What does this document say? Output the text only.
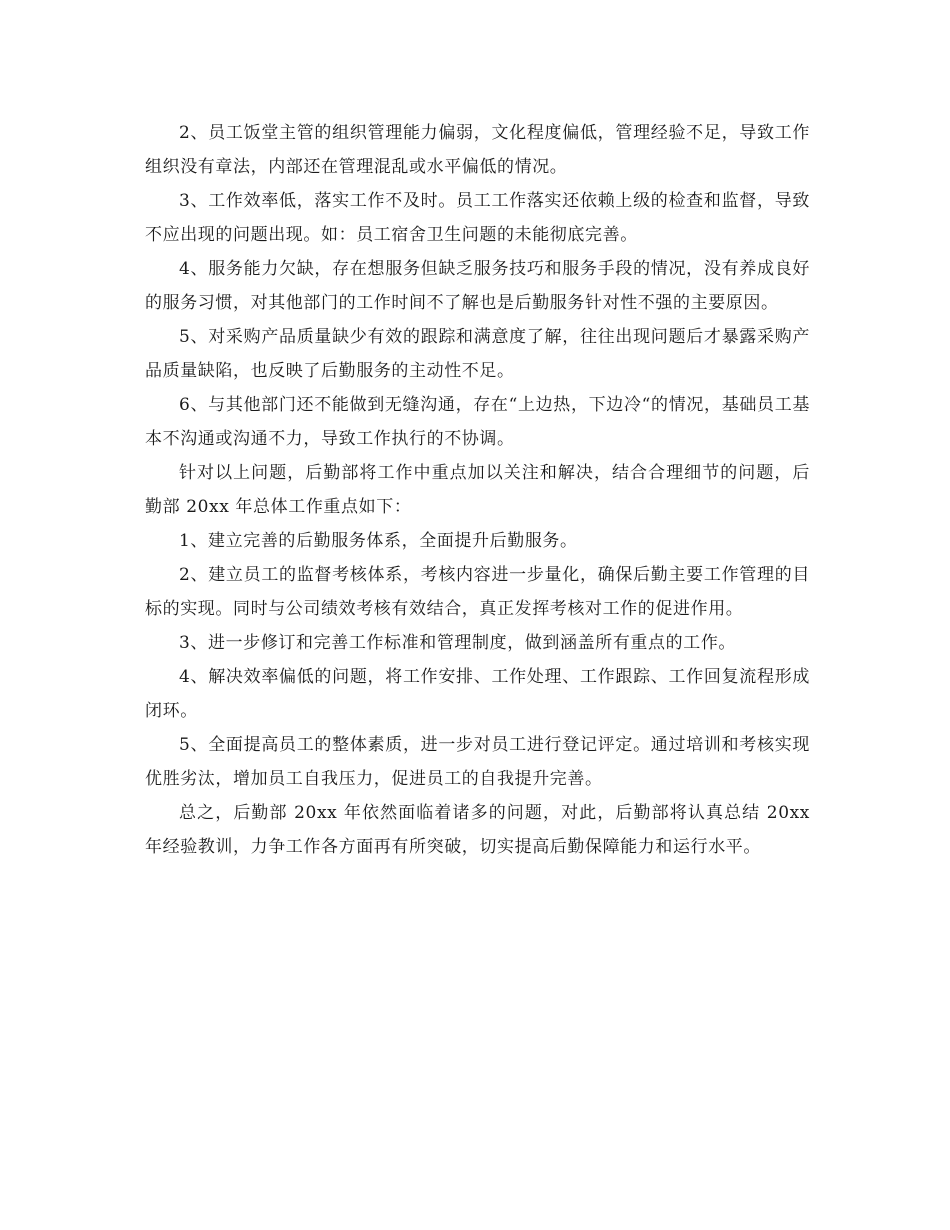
2、员工饭堂主管的组织管理能力偏弱，文化程度偏低，管理经验不足，导致工作组织没有章法，内部还在管理混乱或水平偏低的情况。

3、工作效率低，落实工作不及时。员工工作落实还依赖上级的检查和监督，导致不应出现的问题出现。如：员工宿舍卫生问题的未能彻底完善。

4、服务能力欠缺，存在想服务但缺乏服务技巧和服务手段的情况，没有养成良好的服务习惯，对其他部门的工作时间不了解也是后勤服务针对性不强的主要原因。

5、对采购产品质量缺少有效的跟踪和满意度了解，往往出现问题后才暴露采购产品质量缺陷，也反映了后勤服务的主动性不足。

6、与其他部门还不能做到无缝沟通，存在“上边热，下边冷“的情况，基础员工基本不沟通或沟通不力，导致工作执行的不协调。

针对以上问题，后勤部将工作中重点加以关注和解决，结合合理细节的问题，后勤部 20xx 年总体工作重点如下：

1、建立完善的后勤服务体系，全面提升后勤服务。

2、建立员工的监督考核体系，考核内容进一步量化，确保后勤主要工作管理的目标的实现。同时与公司绩效考核有效结合，真正发挥考核对工作的促进作用。

3、进一步修订和完善工作标准和管理制度，做到涵盖所有重点的工作。

4、解决效率偏低的问题，将工作安排、工作处理、工作跟踪、工作回复流程形成闭环。

5、全面提高员工的整体素质，进一步对员工进行登记评定。通过培训和考核实现优胜劣汰，增加员工自我压力，促进员工的自我提升完善。

总之，后勤部 20xx 年依然面临着诸多的问题，对此，后勤部将认真总结 20xx 年经验教训，力争工作各方面再有所突破，切实提高后勤保障能力和运行水平。
